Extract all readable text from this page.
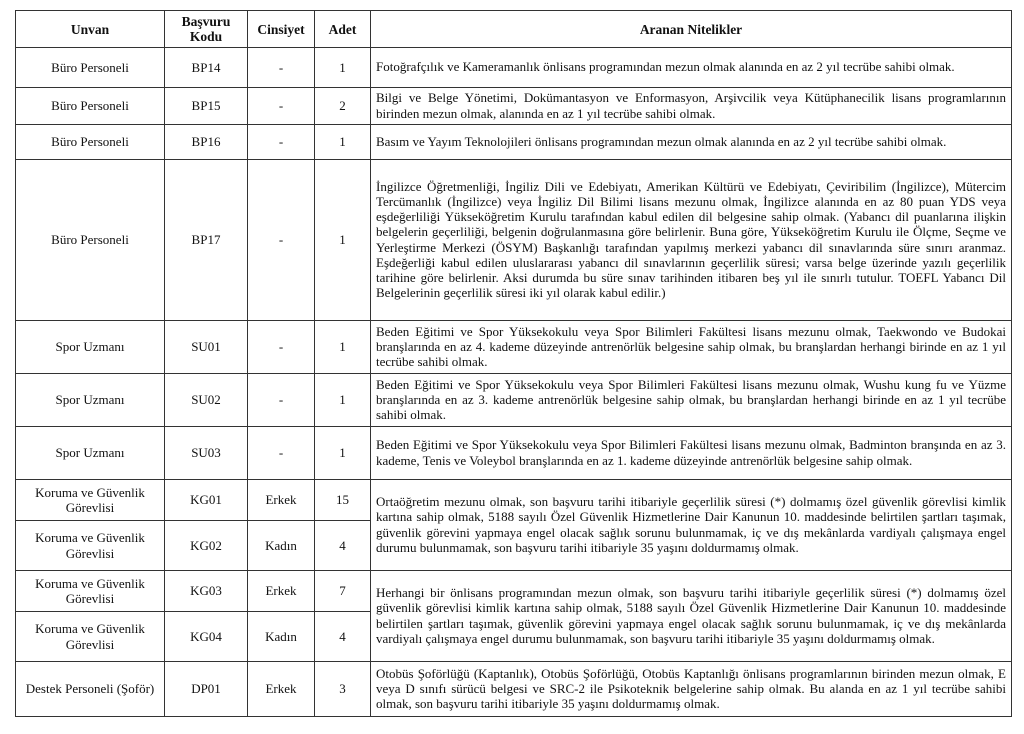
Unvan	Başvuru Kodu	Cinsiyet	Adet	Aranan Nitelikler
Büro Personeli	BP14	-	1	Fotoğrafçılık ve Kameramanlık önlisans programından mezun olmak alanında en az 2 yıl tecrübe sahibi olmak.
Büro Personeli	BP15	-	2	Bilgi ve Belge Yönetimi, Dokümantasyon ve Enformasyon, Arşivcilik veya Kütüphanecilik lisans programlarının birinden mezun olmak, alanında en az 1 yıl tecrübe sahibi olmak.
Büro Personeli	BP16	-	1	Basım ve Yayım Teknolojileri önlisans programından mezun olmak alanında en az 2 yıl tecrübe sahibi olmak.
Büro Personeli	BP17	-	1	İngilizce Öğretmenliği, İngiliz Dili ve Edebiyatı, Amerikan Kültürü ve Edebiyatı, Çeviribilim (İngilizce), Mütercim Tercümanlık (İngilizce) veya İngiliz Dil Bilimi lisans mezunu olmak, İngilizce alanında en az 80 puan YDS veya eşdeğerliliği Yükseköğretim Kurulu tarafından kabul edilen dil belgesine sahip olmak. (Yabancı dil puanlarına ilişkin belgelerin geçerliliği, belgenin doğrulanmasına göre belirlenir. Buna göre, Yükseköğretim Kurulu ile Ölçme, Seçme ve Yerleştirme Merkezi (ÖSYM) Başkanlığı tarafından yapılmış merkezi yabancı dil sınavlarında süre sınırı aranmaz. Eşdeğerliği kabul edilen uluslararası yabancı dil sınavlarının geçerlilik süresi; varsa belge üzerinde yazılı geçerlilik tarihine göre belirlenir. Aksi durumda bu süre sınav tarihinden itibaren beş yıl ile sınırlı tutulur. TOEFL Yabancı Dil Belgelerinin geçerlilik süresi iki yıl olarak kabul edilir.)
Spor Uzmanı	SU01	-	1	Beden Eğitimi ve Spor Yüksekokulu veya Spor Bilimleri Fakültesi lisans mezunu olmak, Taekwondo ve Budokai branşlarında en az 4. kademe düzeyinde antrenörlük belgesine sahip olmak, bu branşlardan herhangi birinde en az 1 yıl tecrübe sahibi olmak.
Spor Uzmanı	SU02	-	1	Beden Eğitimi ve Spor Yüksekokulu veya Spor Bilimleri Fakültesi lisans mezunu olmak, Wushu kung fu ve Yüzme branşlarında en az 3. kademe antrenörlük belgesine sahip olmak, bu branşlardan herhangi birinde en az 1 yıl tecrübe sahibi olmak.
Spor Uzmanı	SU03	-	1	Beden Eğitimi ve Spor Yüksekokulu veya Spor Bilimleri Fakültesi lisans mezunu olmak, Badminton branşında en az 3. kademe, Tenis ve Voleybol branşlarında en az 1. kademe düzeyinde antrenörlük belgesine sahip olmak.
Koruma ve Güvenlik Görevlisi	KG01	Erkek	15	Ortaöğretim mezunu olmak, son başvuru tarihi itibariyle geçerlilik süresi (*) dolmamış özel güvenlik görevlisi kimlik kartına sahip olmak, 5188 sayılı Özel Güvenlik Hizmetlerine Dair Kanunun 10. maddesinde belirtilen şartları taşımak, güvenlik görevini yapmaya engel olacak sağlık sorunu bulunmamak, iç ve dış mekânlarda vardiyalı çalışmaya engel durumu bulunmamak, son başvuru tarihi itibariyle 35 yaşını doldurmamış olmak.
Koruma ve Güvenlik Görevlisi	KG02	Kadın	4	
Koruma ve Güvenlik Görevlisi	KG03	Erkek	7	Herhangi bir önlisans programından mezun olmak, son başvuru tarihi itibariyle geçerlilik süresi (*) dolmamış özel güvenlik görevlisi kimlik kartına sahip olmak, 5188 sayılı Özel Güvenlik Hizmetlerine Dair Kanunun 10. maddesinde belirtilen şartları taşımak, güvenlik görevini yapmaya engel olacak sağlık sorunu bulunmamak, iç ve dış mekânlarda vardiyalı çalışmaya engel durumu bulunmamak, son başvuru tarihi itibariyle 35 yaşını doldurmamış olmak.
Koruma ve Güvenlik Görevlisi	KG04	Kadın	4	
Destek Personeli (Şoför)	DP01	Erkek	3	Otobüs Şoförlüğü (Kaptanlık), Otobüs Şoförlüğü, Otobüs Kaptanlığı önlisans programlarının birinden mezun olmak, E veya D sınıfı sürücü belgesi ve SRC-2 ile Psikoteknik belgelerine sahip olmak. Bu alanda en az 1 yıl tecrübe sahibi olmak, son başvuru tarihi itibariyle 35 yaşını doldurmamış olmak.
